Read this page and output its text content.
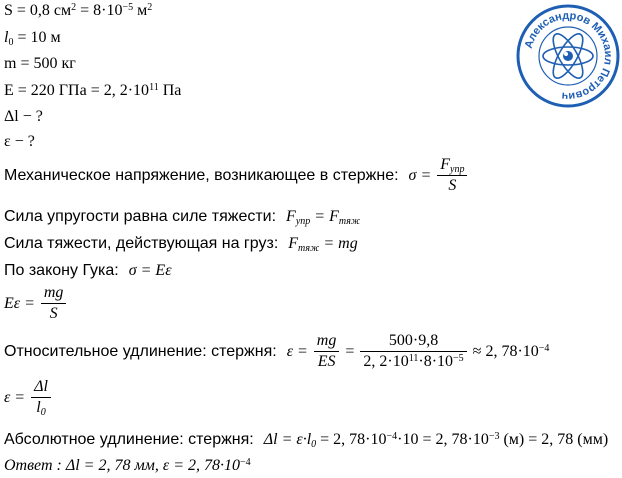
S = 0,8 $см^2 = 8\cdot 10^{-5}$ $м^2$
$l_0 = 10$ м
m = 500 кг
E = 220 ГПа = 2, $2\cdot 10^{11}$ Па
Δl − ?
ε − ?
Механическое напряжение, возникающее в стержне: $\sigma = \frac{F_{упр}}{S}$
Сила упругости равна силе тяжести: $F_{упр} = F_{тяж}$
Сила тяжести, действующая на груз: $F_{тяж}$ = mg
По закону Гука: σ = Eε
$E\varepsilon = \frac{mg}{S}$
Относительное удлинение: стержня: $\varepsilon = \frac{mg}{ES} = \frac{500\cdot 9,8}{2, 2\cdot 10^{11}\cdot 8\cdot 10^{-5}} \approx 2$, $78\cdot 10^{-4}$
$\varepsilon = \frac{\Delta l}{l_0}$
Абсолютное удлинение: стержня: $\Delta l = \varepsilon\cdot l_0 = 2$, $78\cdot 10^{-4}\cdot 10 = 2$, $78\cdot 10^{-3}$ (м) = 2, 78 (мм)
Ответ : Δl = 2, 78 мм, ε = 2, $78\cdot 10^{-4}$
Александров Михаил Петрович
